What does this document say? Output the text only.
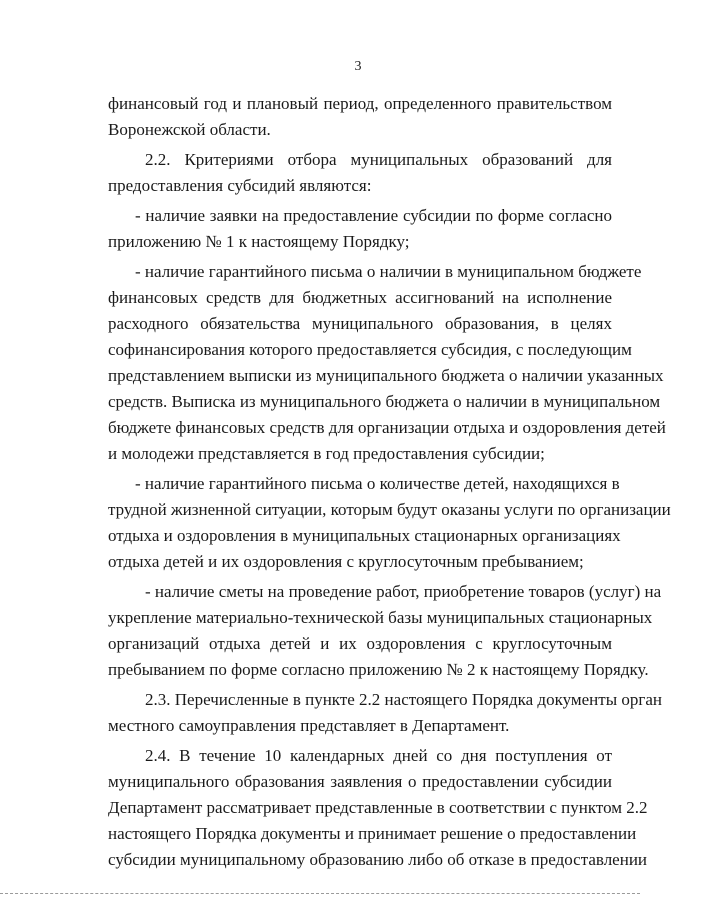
3
финансовый год и плановый период, определенного правительством
Воронежской области.
2.2. Критериями отбора муниципальных образований для
предоставления субсидий являются:
- наличие заявки на предоставление субсидии по форме согласно
приложению № 1 к настоящему Порядку;
- наличие гарантийного письма о наличии в муниципальном бюджете
финансовых средств для бюджетных ассигнований на исполнение
расходного обязательства муниципального образования, в целях
софинансирования которого предоставляется субсидия, с последующим
представлением выписки из муниципального бюджета о наличии указанных
средств. Выписка из муниципального бюджета о наличии в муниципальном
бюджете финансовых средств для организации отдыха и оздоровления детей
и молодежи представляется в год предоставления субсидии;
- наличие гарантийного письма о количестве детей, находящихся в
трудной жизненной ситуации, которым будут оказаны услуги по организации
отдыха и оздоровления в муниципальных стационарных организациях
отдыха детей и их оздоровления с круглосуточным пребыванием;
- наличие сметы на проведение работ, приобретение товаров (услуг) на
укрепление материально-технической базы муниципальных стационарных
организаций отдыха детей и их оздоровления с круглосуточным
пребыванием по форме согласно приложению № 2 к настоящему Порядку.
2.3. Перечисленные в пункте 2.2 настоящего Порядка документы орган
местного самоуправления представляет в Департамент.
2.4. В течение 10 календарных дней со дня поступления от
муниципального образования заявления о предоставлении субсидии
Департамент рассматривает представленные в соответствии с пунктом 2.2
настоящего Порядка документы и принимает решение о предоставлении
субсидии муниципальному образованию либо об отказе в предоставлении
